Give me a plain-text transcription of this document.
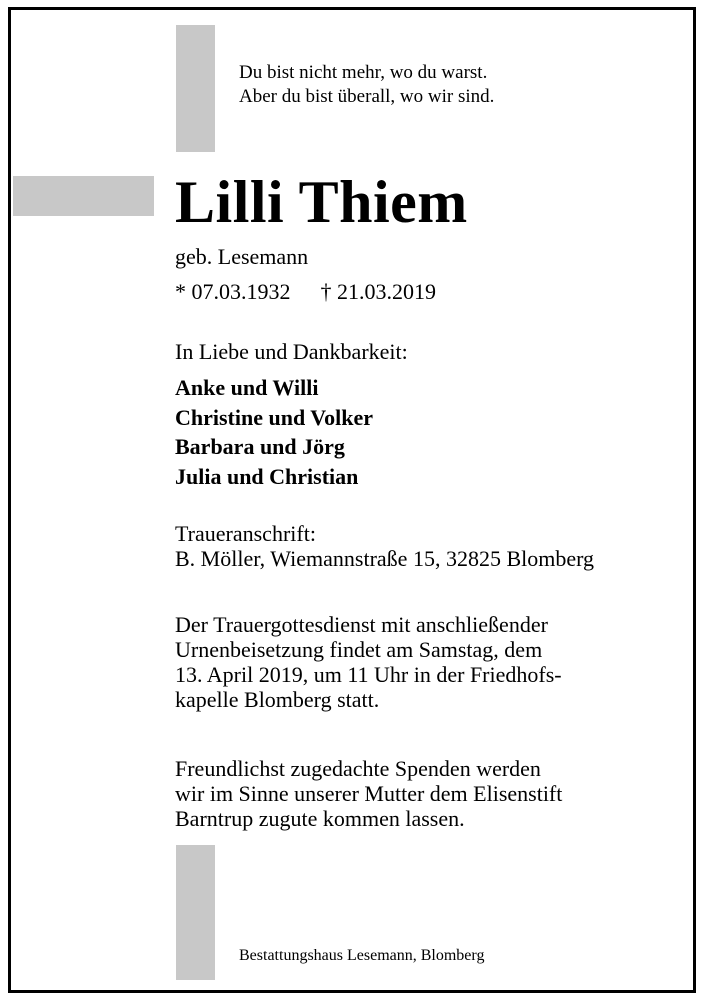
Du bist nicht mehr, wo du warst.
Aber du bist überall, wo wir sind.
Lilli Thiem
geb. Lesemann
* 07.03.1932 † 21.03.2019
In Liebe und Dankbarkeit:
Anke und Willi
Christine und Volker
Barbara und Jörg
Julia und Christian
Traueranschrift:
B. Möller, Wiemannstraße 15, 32825 Blomberg
Der Trauergottesdienst mit anschließender
Urnenbeisetzung findet am Samstag, dem
13. April 2019, um 11 Uhr in der Friedhofs-
kapelle Blomberg statt.
Freundlichst zugedachte Spenden werden
wir im Sinne unserer Mutter dem Elisenstift
Barntrup zugute kommen lassen.
Bestattungshaus Lesemann, Blomberg
